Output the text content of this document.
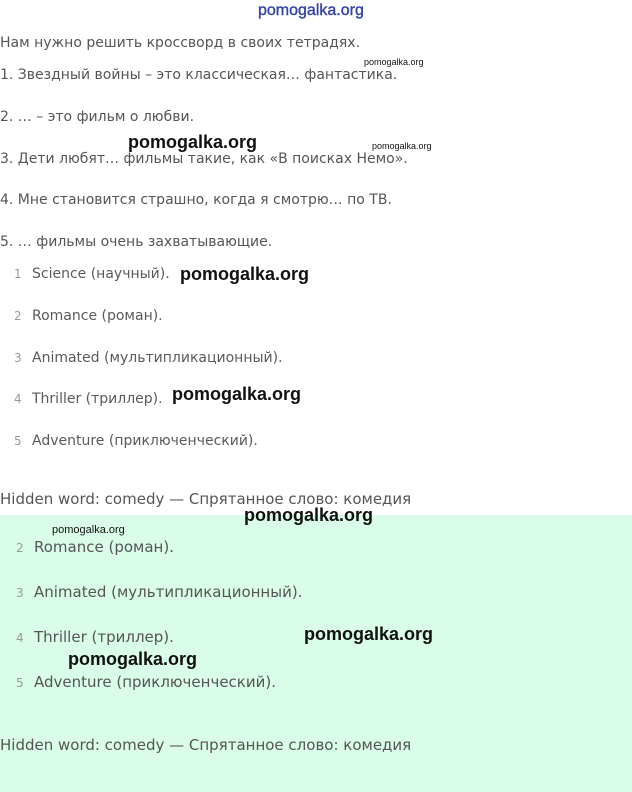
pomogalka.org
Нам нужно решить кроссворд в своих тетрадях.
1. Звездный войны – это классическая… фантастика.
2. … – это фильм о любви.
3. Дети любят… фильмы такие, как «В поисках Немо».
4. Мне становится страшно, когда я смотрю… по ТВ.
5. … фильмы очень захватывающие.
1 Science (научный).
2 Romance (роман).
3 Animated (мультипликационный).
4 Thriller (триллер).
5 Adventure (приключенческий).
Hidden word: comedy — Спрятанное слово: комедия
2 Romance (роман).
3 Animated (мультипликационный).
4 Thriller (триллер).
5 Adventure (приключенческий).
Hidden word: comedy — Спрятанное слово: комедия
pomogalka.org
pomogalka.org	pomogalka.org
pomogalka.org
pomogalka.org
pomogalka.org
pomogalka.org
pomogalka.org
pomogalka.org
